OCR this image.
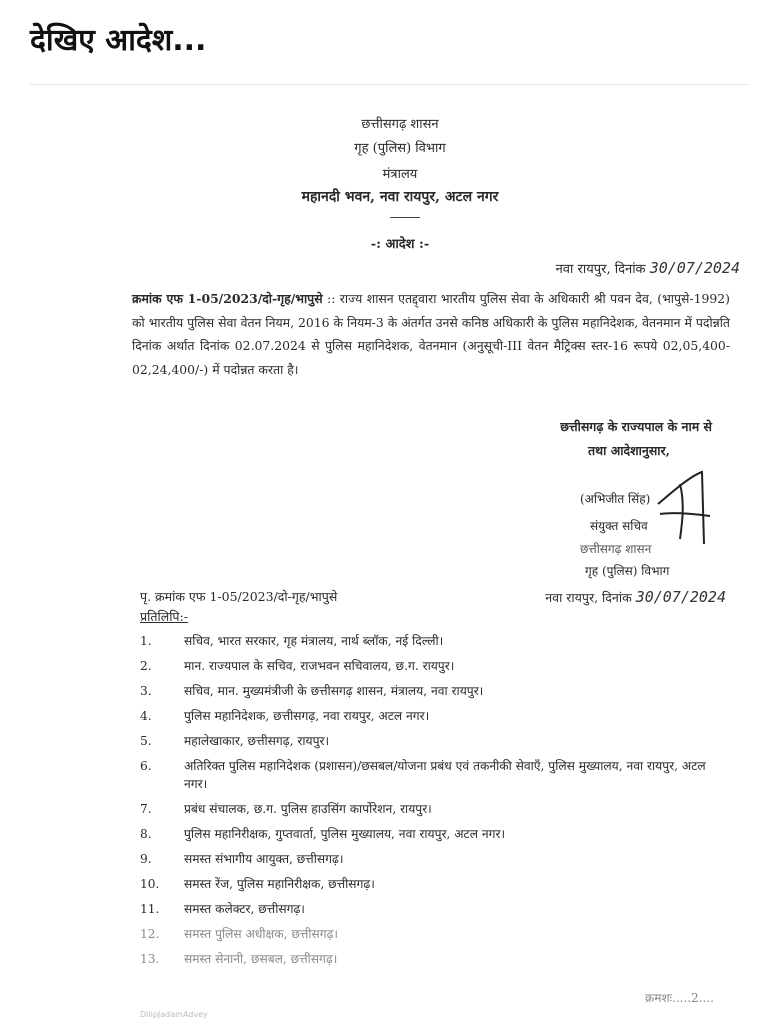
देखिए आदेश...
छत्तीसगढ़ शासन
गृह (पुलिस) विभाग
मंत्रालय
महानदी भवन, नवा रायपुर, अटल नगर
-: आदेश :-
नवा रायपुर, दिनांक 30/07/2024
क्रमांक एफ 1-05/2023/दो-गृह/भापुसे :: राज्य शासन एतद्द्वारा भारतीय पुलिस सेवा के अधिकारी श्री पवन देव, (भापुसे-1992) को भारतीय पुलिस सेवा वेतन नियम, 2016 के नियम-3 के अंतर्गत उनसे कनिष्ठ अधिकारी के पुलिस महानिदेशक, वेतनमान में पदोन्नति दिनांक अर्थात दिनांक 02.07.2024 से पुलिस महानिदेशक, वेतनमान (अनुसूची-III वेतन मैट्रिक्स स्तर-16 रूपये 02,05,400-02,24,400/-) में पदोन्नत करता है।
छत्तीसगढ़ के राज्यपाल के नाम से
तथा आदेशानुसार,
(अभिजीत सिंह)
संयुक्त सचिव
छत्तीसगढ़ शासन
गृह (पुलिस) विभाग
पृ. क्रमांक एफ 1-05/2023/दो-गृह/भापुसे	नवा रायपुर, दिनांक 30/07/2024
प्रतिलिपि:-
1.	सचिव, भारत सरकार, गृह मंत्रालय, नार्थ ब्लॉक, नई दिल्ली।
2.	मान. राज्यपाल के सचिव, राजभवन सचिवालय, छ.ग. रायपुर।
3.	सचिव, मान. मुख्यमंत्रीजी के छत्तीसगढ़ शासन, मंत्रालय, नवा रायपुर।
4.	पुलिस महानिदेशक, छत्तीसगढ़, नवा रायपुर, अटल नगर।
5.	महालेखाकार, छत्तीसगढ़, रायपुर।
6.	अतिरिक्त पुलिस महानिदेशक (प्रशासन)/छसबल/योजना प्रबंध एवं तकनीकी सेवाएँ, पुलिस मुख्यालय, नवा रायपुर, अटल नगर।
7.	प्रबंध संचालक, छ.ग. पुलिस हाउसिंग कार्पोरेशन, रायपुर।
8.	पुलिस महानिरीक्षक, गुप्तवार्ता, पुलिस मुख्यालय, नवा रायपुर, अटल नगर।
9.	समस्त संभागीय आयुक्त, छत्तीसगढ़।
10. समस्त रेंज, पुलिस महानिरीक्षक, छत्तीसगढ़।
11. समस्त कलेक्टर, छत्तीसगढ़।
12. समस्त पुलिस अधीक्षक, छत्तीसगढ़।
13. समस्त सेनानी, छसबल, छत्तीसगढ़।
क्रमशः.....2....
DilipJadamAdvey
